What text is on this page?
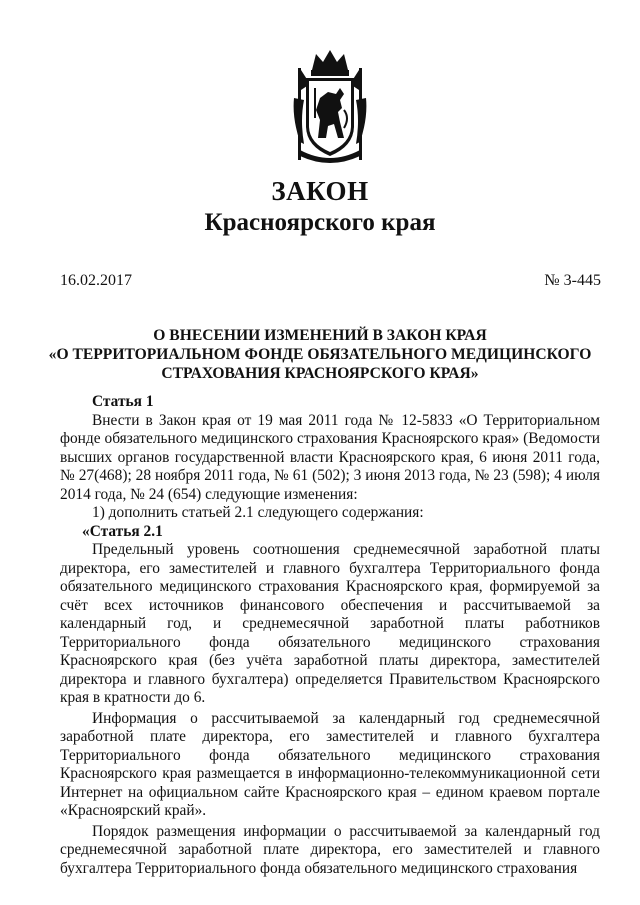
ЗАКОН
Красноярского края
16.02.2017	№ 3-445
О ВНЕСЕНИИ ИЗМЕНЕНИЙ В ЗАКОН КРАЯ
«О ТЕРРИТОРИАЛЬНОМ ФОНДЕ ОБЯЗАТЕЛЬНОГО МЕДИЦИНСКОГО
СТРАХОВАНИЯ КРАСНОЯРСКОГО КРАЯ»
Статья 1

Внести в Закон края от 19 мая 2011 года № 12-5833 «О Территориальном фонде обязательного медицинского страхования Красноярского края» (Ведомости высших органов государственной власти Красноярского края, 6 июня 2011 года, № 27(468); 28 ноября 2011 года, № 61 (502); 3 июня 2013 года, № 23 (598); 4 июля 2014 года, № 24 (654) следующие изменения:

1) дополнить статьей 2.1 следующего содержания:
«Статья 2.1

Предельный уровень соотношения среднемесячной заработной платы директора, его заместителей и главного бухгалтера Территориального фонда обязательного медицинского страхования Красноярского края, формируемой за счёт всех источников финансового обеспечения и рассчитываемой за календарный год, и среднемесячной заработной платы работников Территориального фонда обязательного медицинского страхования Красноярского края (без учёта заработной платы директора, заместителей директора и главного бухгалтера) определяется Правительством Красноярского края в кратности до 6.

Информация о рассчитываемой за календарный год среднемесячной заработной плате директора, его заместителей и главного бухгалтера Территориального фонда обязательного медицинского страхования Красноярского края размещается в информационно-телекоммуникационной сети Интернет на официальном сайте Красноярского края – едином краевом портале «Красноярский край».

Порядок размещения информации о рассчитываемой за календарный год среднемесячной заработной плате директора, его заместителей и главного бухгалтера Территориального фонда обязательного медицинского страхования
